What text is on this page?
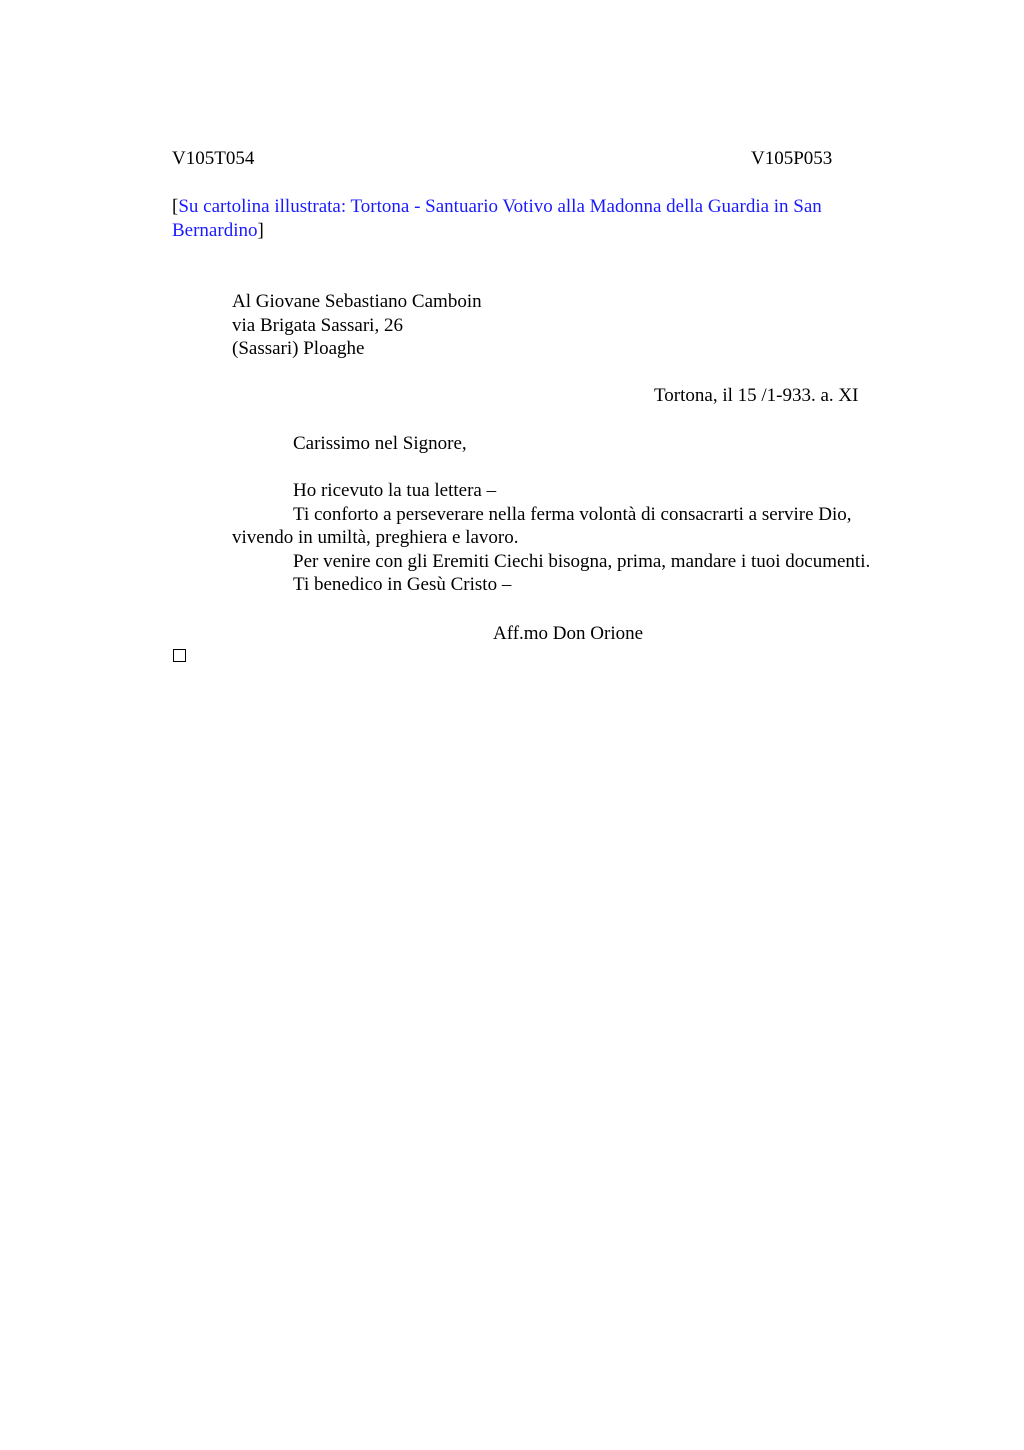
V105T054	V105P053
[Su cartolina illustrata: Tortona - Santuario Votivo alla Madonna della Guardia in San Bernardino]
Al Giovane Sebastiano Camboin
via Brigata Sassari, 26
(Sassari) Ploaghe
Tortona, il 15 /1-933. a. XI
Carissimo nel Signore,
Ho ricevuto la tua lettera –
Ti conforto a perseverare nella ferma volontà di consacrarti a servire Dio,
vivendo in umiltà, preghiera e lavoro.
Per venire con gli Eremiti Ciechi bisogna, prima, mandare i tuoi documenti.
Ti benedico in Gesù Cristo –
Aff.mo Don Orione
